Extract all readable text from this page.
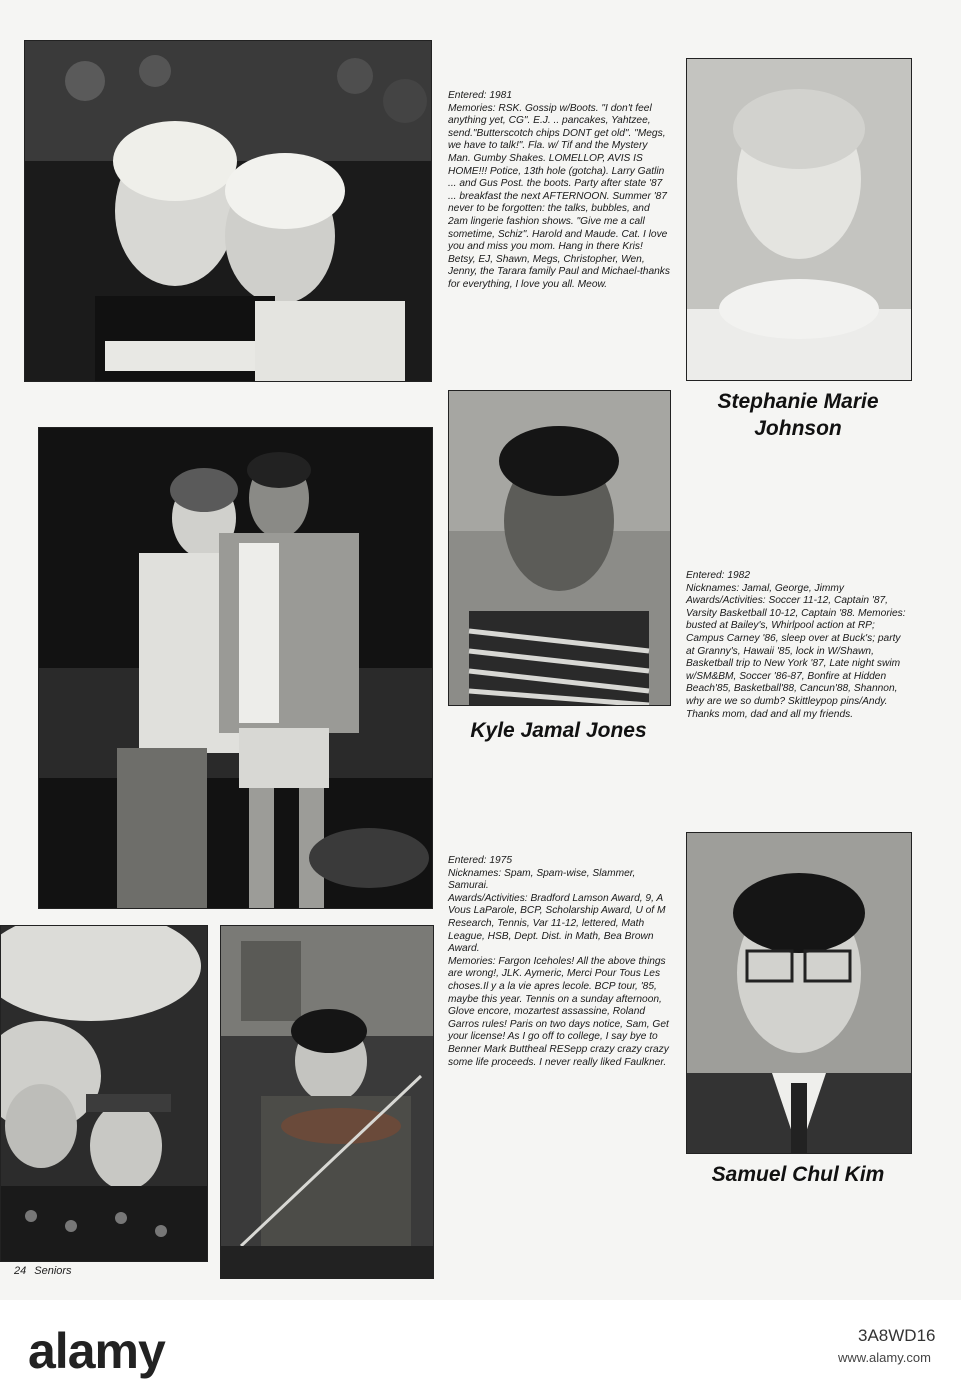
Entered: 1981

Memories: RSK. Gossip w/Boots. "I don't feel anything yet, CG". E.J. .. pancakes, Yahtzee, send."Butterscotch chips DONT get old". "Megs, we have to talk!". Fla. w/ Tif and the Mystery Man. Gumby Shakes. LOMELLOP, AVIS IS HOME!!! Potice, 13th hole (gotcha). Larry Gatlin ... and Gus Post. the boots. Party after state '87 ... breakfast the next AFTERNOON. Summer '87 never to be forgotten: the talks, bubbles, and 2am lingerie fashion shows. "Give me a call sometime, Schiz". Harold and Maude. Cat. I love you and miss you mom. Hang in there Kris! Betsy, EJ, Shawn, Megs, Christopher, Wen, Jenny, the Tarara family Paul and Michael-thanks for everything, I love you all. Meow.

Stephanie Marie
Johnson
Kyle Jamal Jones

Entered: 1982

Nicknames: Jamal, George, Jimmy Awards/Activities: Soccer 11-12, Captain '87, Varsity Basketball 10-12, Captain '88. Memories: busted at Bailey's, Whirlpool action at RP; Campus Carney '86, sleep over at Buck's; party at Granny's, Hawaii '85, lock in W/Shawn, Basketball trip to New York '87, Late night swim w/SM&BM, Soccer '86-87, Bonfire at Hidden Beach'85, Basketball'88, Cancun'88, Shannon, why are we so dumb? Skittleypop pins/Andy. Thanks mom, dad and all my friends.

Entered: 1975

Nicknames: Spam, Spam-wise, Slammer, Samurai.

Awards/Activities: Bradford Lamson Award, 9, A Vous LaParole, BCP, Scholarship Award, U of M Research, Tennis, Var 11-12, lettered, Math League, HSB, Dept. Dist. in Math, Bea Brown Award.

Memories: Fargon Iceholes! All the above things are wrong!, JLK. Aymeric, Merci Pour Tous Les choses.Il y a la vie apres lecole. BCP tour, '85, maybe this year. Tennis on a sunday afternoon, Glove encore, mozartest assassine, Roland Garros rules! Paris on two days notice, Sam, Get your license! As I go off to college, I say bye to Benner Mark Buttheal RESepp crazy crazy crazy some life proceeds. I never really liked Faulkner.

Samuel Chul Kim
24 Seniors
alamy	3A8WD16
www.alamy.com
